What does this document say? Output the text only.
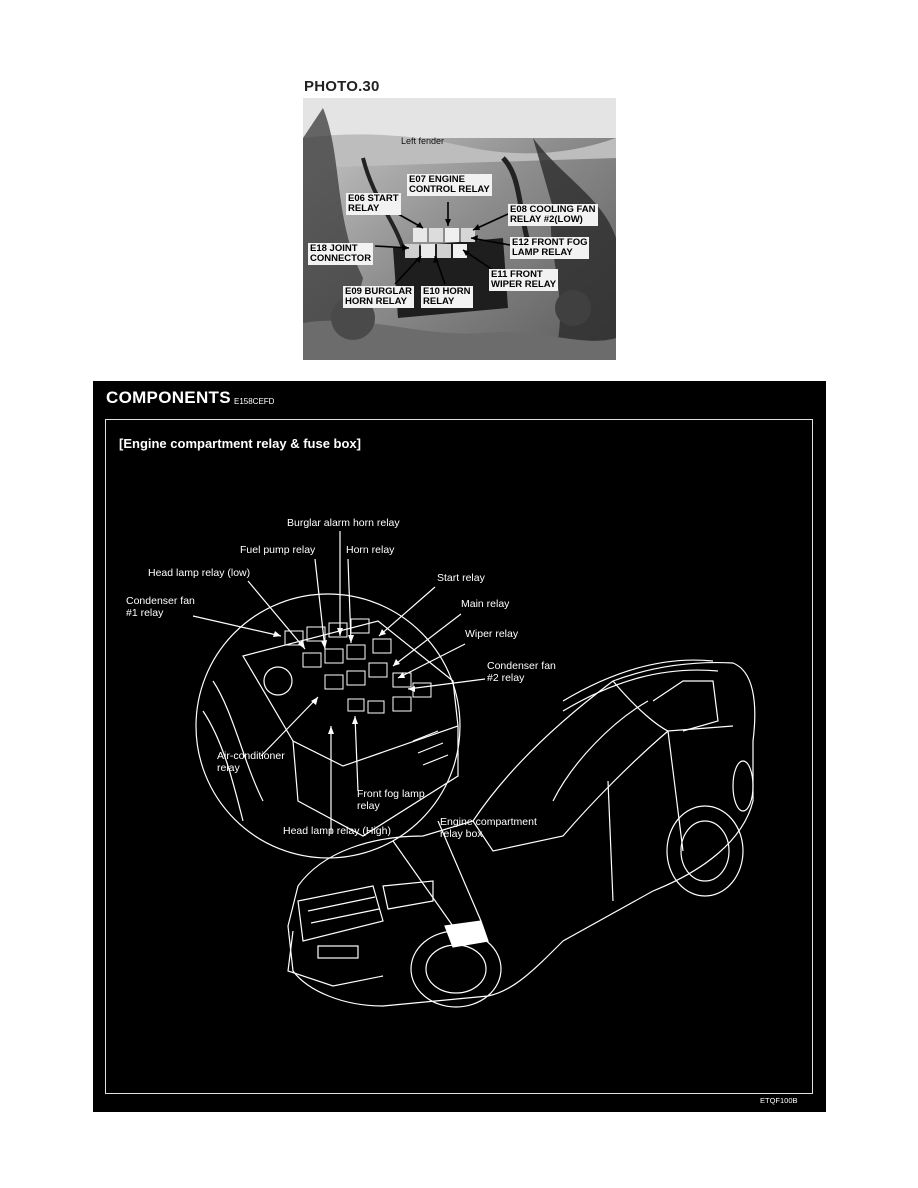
PHOTO.30
Left fender
E06 START
RELAY
E07 ENGINE
CONTROL RELAY
E08 COOLING FAN
RELAY #2(LOW)
E12 FRONT FOG
LAMP RELAY
E11 FRONT
WIPER RELAY
E18 JOINT
CONNECTOR
E09 BURGLAR
HORN RELAY
E10 HORN
RELAY
COMPONENTS E158CEFD
[Engine compartment relay & fuse box]
Burglar alarm horn relay
Fuel pump relay	Horn relay
Head lamp relay (low)	Start relay
Condenser fan
#1 relay
Main relay
Wiper relay
Condenser fan
#2 relay
Air-conditioner
relay
Front fog lamp
relay
Head lamp relay (High)
Engine compartment
relay box
ETQF100B
